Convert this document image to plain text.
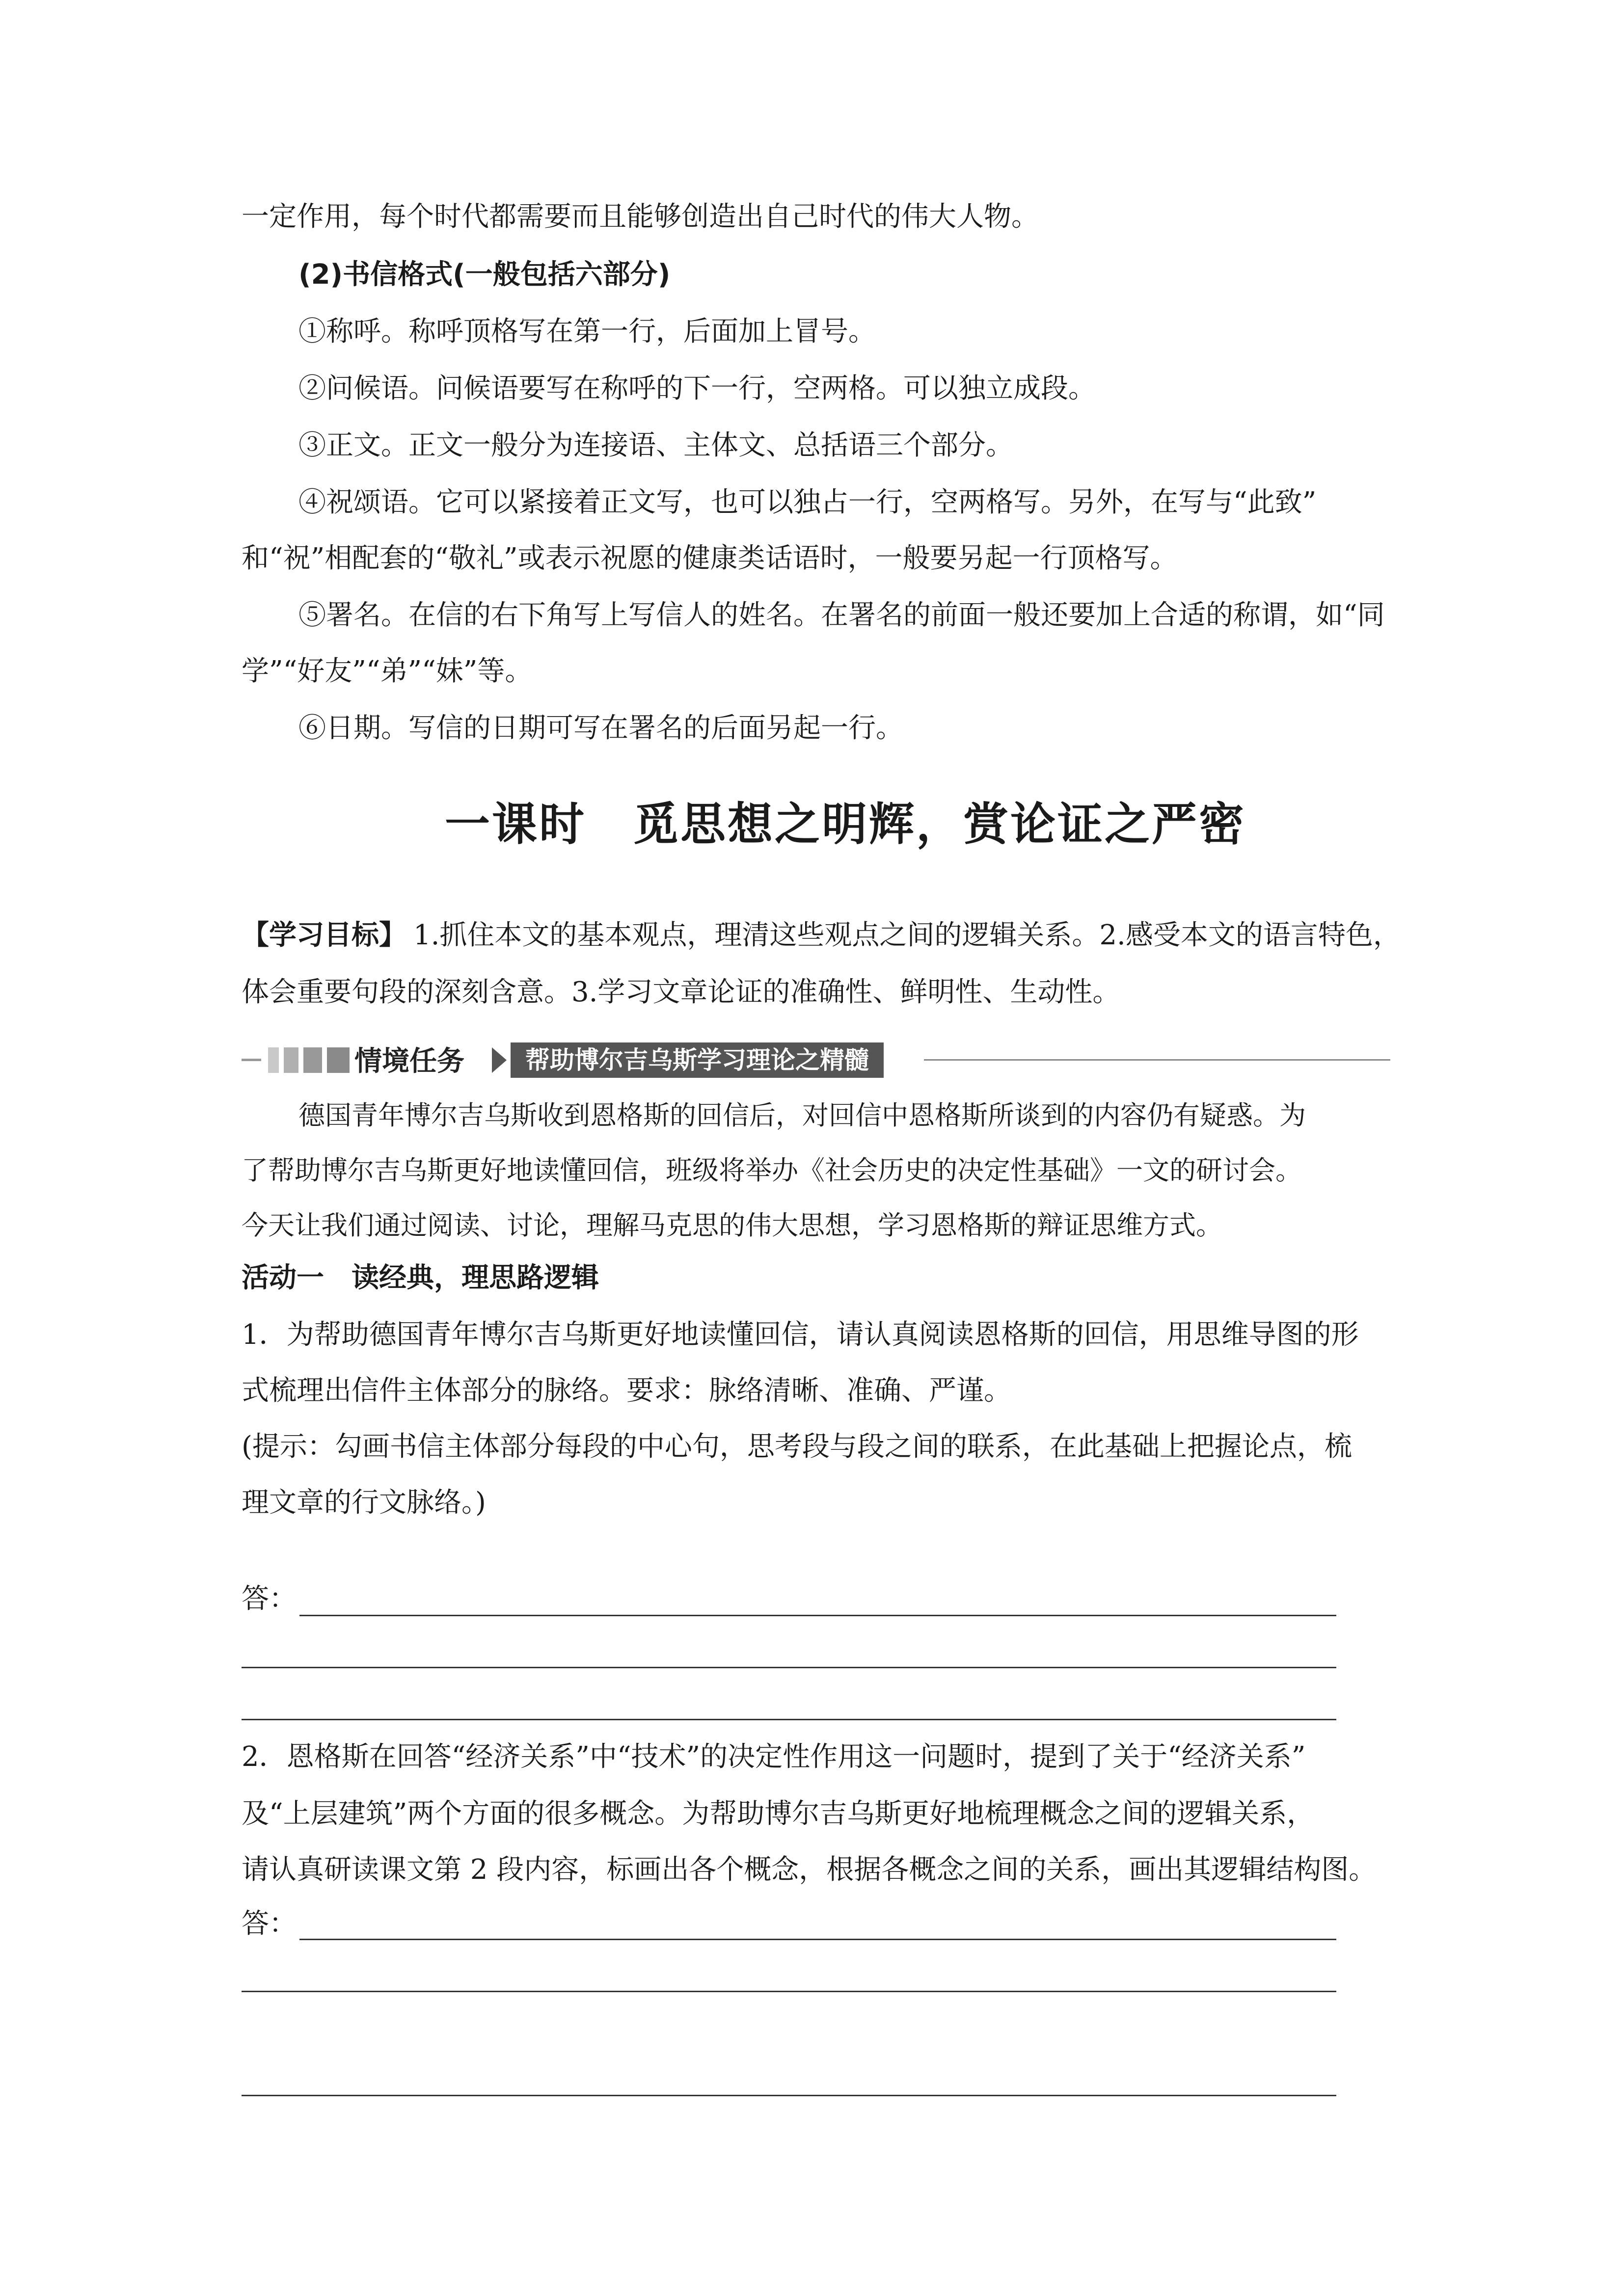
一定作用，每个时代都需要而且能够创造出自己时代的伟大人物。
(2)书信格式(一般包括六部分)
①称呼。称呼顶格写在第一行，后面加上冒号。
②问候语。问候语要写在称呼的下一行，空两格。可以独立成段。
③正文。正文一般分为连接语、主体文、总括语三个部分。
④祝颂语。它可以紧接着正文写，也可以独占一行，空两格写。另外，在写与“此致”
和“祝”相配套的“敬礼”或表示祝愿的健康类话语时，一般要另起一行顶格写。
⑤署名。在信的右下角写上写信人的姓名。在署名的前面一般还要加上合适的称谓，如“同
学”“好友”“弟”“妹”等。
⑥日期。写信的日期可写在署名的后面另起一行。
一课时　觅思想之明辉，赏论证之严密
【学习目标】 1.抓住本文的基本观点，理清这些观点之间的逻辑关系。2.感受本文的语言特色，
体会重要句段的深刻含意。3.学习文章论证的准确性、鲜明性、生动性。
情境任务	帮助博尔吉乌斯学习理论之精髓
德国青年博尔吉乌斯收到恩格斯的回信后，对回信中恩格斯所谈到的内容仍有疑惑。为
了帮助博尔吉乌斯更好地读懂回信，班级将举办《社会历史的决定性基础》一文的研讨会。
今天让我们通过阅读、讨论，理解马克思的伟大思想，学习恩格斯的辩证思维方式。
活动一　读经典，理思路逻辑
1．为帮助德国青年博尔吉乌斯更好地读懂回信，请认真阅读恩格斯的回信，用思维导图的形
式梳理出信件主体部分的脉络。要求：脉络清晰、准确、严谨。
(提示：勾画书信主体部分每段的中心句，思考段与段之间的联系，在此基础上把握论点，梳
理文章的行文脉络。)
答：
2．恩格斯在回答“经济关系”中“技术”的决定性作用这一问题时，提到了关于“经济关系”
及“上层建筑”两个方面的很多概念。为帮助博尔吉乌斯更好地梳理概念之间的逻辑关系，
请认真研读课文第 2 段内容，标画出各个概念，根据各概念之间的关系，画出其逻辑结构图。
答：
